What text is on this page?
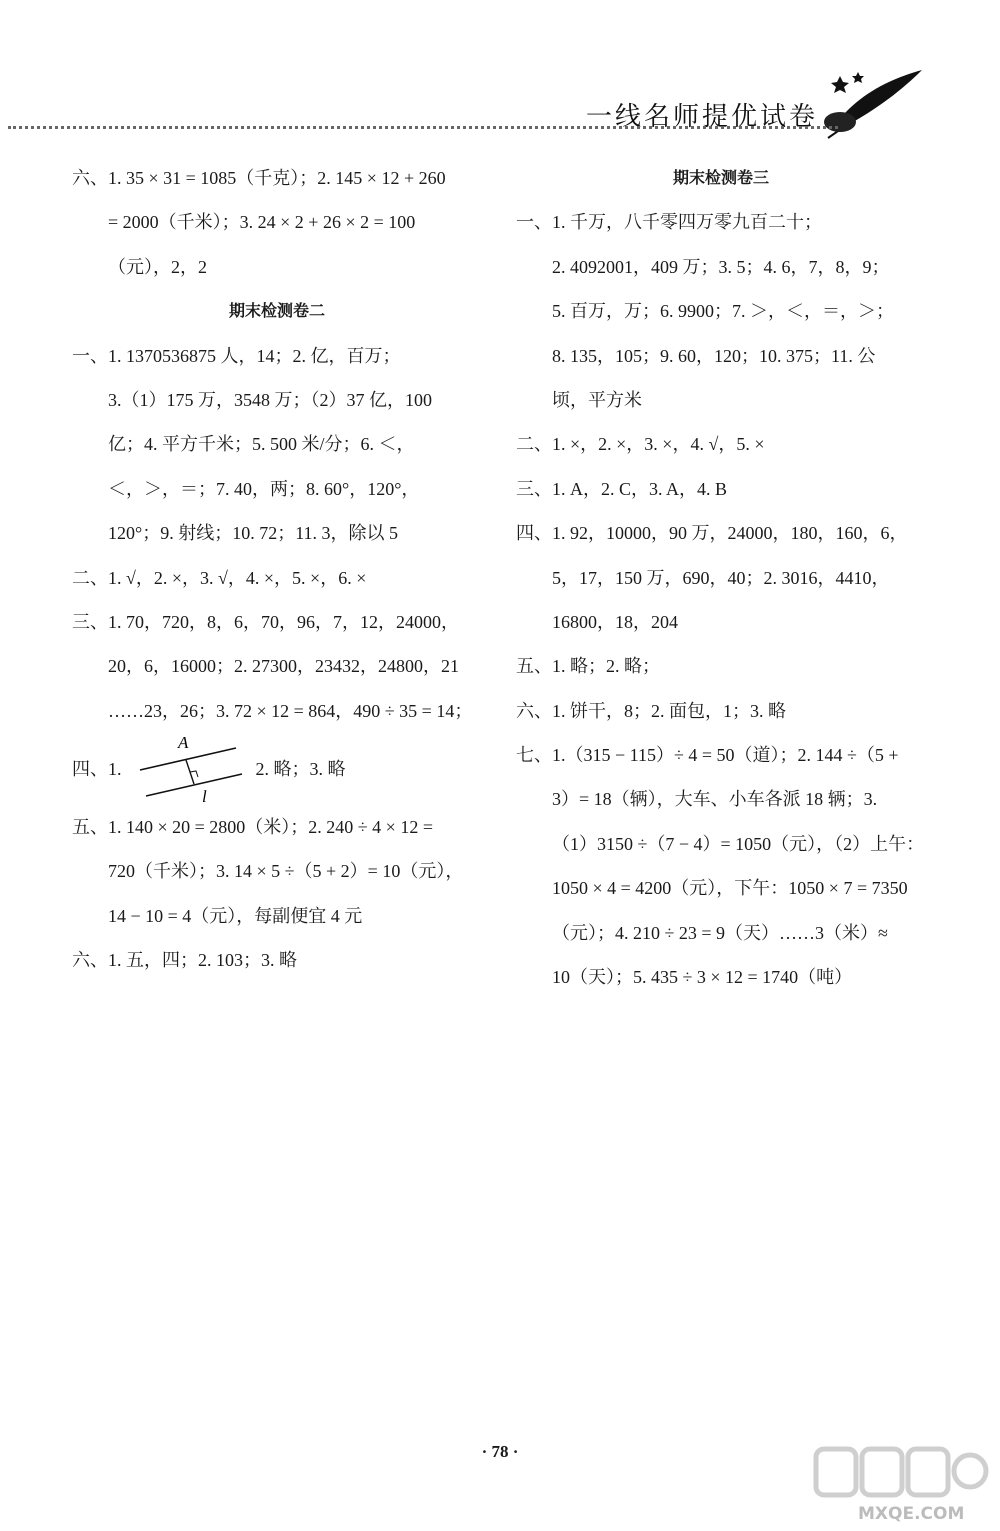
一线名师提优试卷
六、1. 35 × 31 = 1085（千克）；2. 145 × 12 + 260
= 2000（千米）；3. 24 × 2 + 26 × 2 = 100
（元），2，2
期末检测卷二
一、1. 1370536875 人，14；2. 亿，百万；
3.（1）175 万，3548 万；（2）37 亿，100
亿；4. 平方千米；5. 500 米/分；6. ＜，
＜，＞，＝；7. 40，两；8. 60°，120°，
120°；9. 射线；10. 72；11. 3，除以 5
二、1. √，2. ×，3. √，4. ×，5. ×，6. ×
三、1. 70，720，8，6，70，96，7，12，24000，
20，6，16000；2. 27300，23432，24800，21
……23，26；3. 72 × 12 = 864，490 ÷ 35 = 14；
四、1.
A
l
2. 略；3. 略
五、1. 140 × 20 = 2800（米）；2. 240 ÷ 4 × 12 =
720（千米）；3. 14 × 5 ÷（5 + 2）= 10（元），
14 − 10 = 4（元），每副便宜 4 元
六、1. 五，四；2. 103；3. 略
期末检测卷三
一、1. 千万，八千零四万零九百二十；
2. 4092001，409 万；3. 5；4. 6，7，8，9；
5. 百万，万；6. 9900；7. ＞，＜，＝，＞；
8. 135，105；9. 60，120；10. 375；11. 公
顷，平方米
二、1. ×，2. ×，3. ×，4. √，5. ×
三、1. A，2. C，3. A，4. B
四、1. 92，10000，90 万，24000，180，160，6，
5，17，150 万，690，40；2. 3016，4410，
16800，18，204
五、1. 略；2. 略；
六、1. 饼干，8；2. 面包，1；3. 略
七、1.（315 − 115）÷ 4 = 50（道）；2. 144 ÷（5 +
3）= 18（辆），大车、小车各派 18 辆；3.
（1）3150 ÷（7 − 4）= 1050（元），（2）上午：
1050 × 4 = 4200（元），下午：1050 × 7 = 7350
（元）；4. 210 ÷ 23 = 9（天）……3（米）≈
10（天）；5. 435 ÷ 3 × 12 = 1740（吨）
· 78 ·
MXQE.COM
